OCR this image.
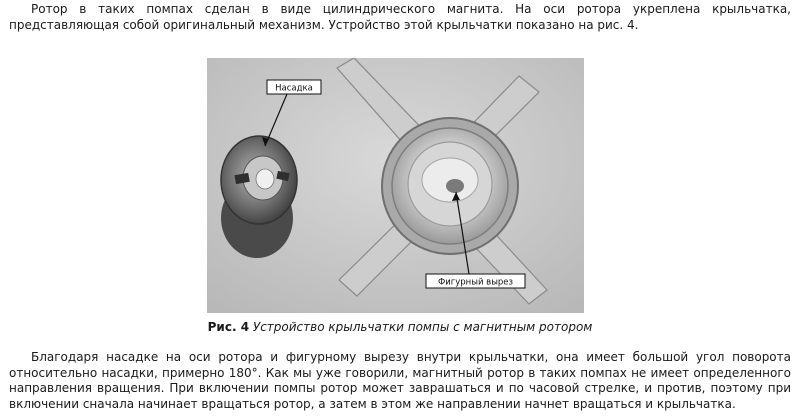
Ротор в таких помпах сделан в виде цилиндрического магнита. На оси ротора укреплена крыльчатка, представляющая собой оригинальный механизм. Устройство этой крыльчатки показано на рис. 4.

Насадка
Фигурный вырез
Рис. 4 Устройство крыльчатки помпы с магнитным ротором

Благодаря насадке на оси ротора и фигурному вырезу внутри крыльчатки, она имеет большой угол поворота относительно насадки, примерно 180°. Как мы уже говорили, магнитный ротор в таких помпах не имеет определенного направления вращения. При включении помпы ротор может заврашаться и по часовой стрелке, и против, поэтому при включении сначала начинает вращаться ротор, а затем в этом же направлении начнет вращаться и крыльчатка.
